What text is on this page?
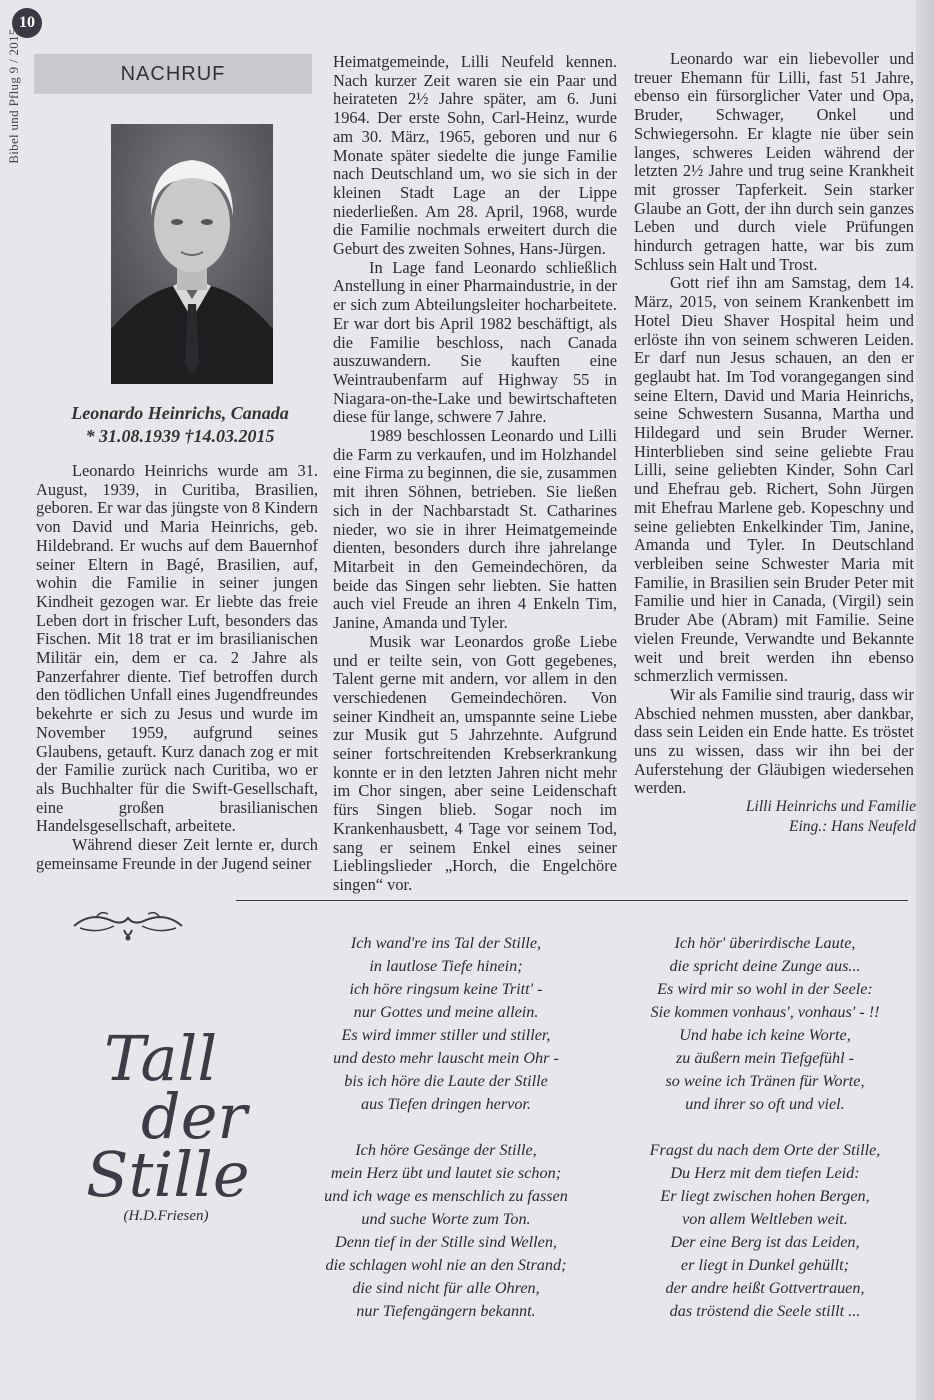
10
Bibel und Pflug 9 / 2015	NACHRUF
Leonardo Heinrichs, Canada
* 31.08.1939 †14.03.2015

Leonardo Heinrichs wurde am 31. August, 1939, in Curitiba, Brasilien, geboren. Er war das jüngste von 8 Kindern von David und Maria Heinrichs, geb. Hildebrand. Er wuchs auf dem Bauernhof seiner Eltern in Bagé, Brasilien, auf, wohin die Familie in seiner jungen Kindheit gezogen war. Er liebte das freie Leben dort in frischer Luft, besonders das Fischen. Mit 18 trat er im brasilianischen Militär ein, dem er ca. 2 Jahre als Panzerfahrer diente. Tief betroffen durch den tödlichen Unfall eines Jugendfreundes bekehrte er sich zu Jesus und wurde im November 1959, aufgrund seines Glaubens, getauft. Kurz danach zog er mit der Familie zurück nach Curitiba, wo er als Buchhalter für die Swift-Gesellschaft, eine großen brasilianischen Handelsgesellschaft, arbeitete.

Während dieser Zeit lernte er, durch gemeinsame Freunde in der Jugend seiner

Heimatgemeinde, Lilli Neufeld kennen. Nach kurzer Zeit waren sie ein Paar und heirateten 2½ Jahre später, am 6. Juni 1964. Der erste Sohn, Carl-Heinz, wurde am 30. März, 1965, geboren und nur 6 Monate später siedelte die junge Familie nach Deutschland um, wo sie sich in der kleinen Stadt Lage an der Lippe niederließen. Am 28. April, 1968, wurde die Familie nochmals erweitert durch die Geburt des zweiten Sohnes, Hans-Jürgen.

In Lage fand Leonardo schließlich Anstellung in einer Pharmaindustrie, in der er sich zum Abteilungsleiter hocharbeitete. Er war dort bis April 1982 beschäftigt, als die Familie beschloss, nach Canada auszuwandern. Sie kauften eine Weintraubenfarm auf Highway 55 in Niagara-on-the-Lake und bewirtschafteten diese für lange, schwere 7 Jahre.

1989 beschlossen Leonardo und Lilli die Farm zu verkaufen, und im Holzhandel eine Firma zu beginnen, die sie, zusammen mit ihren Söhnen, betrieben. Sie ließen sich in der Nachbarstadt St. Catharines nieder, wo sie in ihrer Heimatgemeinde dienten, besonders durch ihre jahrelange Mitarbeit in den Gemeindechören, da beide das Singen sehr liebten. Sie hatten auch viel Freude an ihren 4 Enkeln Tim, Janine, Amanda und Tyler.

Musik war Leonardos große Liebe und er teilte sein, von Gott gegebenes, Talent gerne mit andern, vor allem in den verschiedenen Gemeindechören. Von seiner Kindheit an, umspannte seine Liebe zur Musik gut 5 Jahrzehnte. Aufgrund seiner fortschreitenden Krebserkrankung konnte er in den letzten Jahren nicht mehr im Chor singen, aber seine Leidenschaft fürs Singen blieb. Sogar noch im Krankenhausbett, 4 Tage vor seinem Tod, sang er seinem Enkel eines seiner Lieblingslieder „Horch, die Engelchöre singen“ vor.

Leonardo war ein liebevoller und treuer Ehemann für Lilli, fast 51 Jahre, ebenso ein fürsorglicher Vater und Opa, Bruder, Schwager, Onkel und Schwiegersohn. Er klagte nie über sein langes, schweres Leiden während der letzten 2½ Jahre und trug seine Krankheit mit grosser Tapferkeit. Sein starker Glaube an Gott, der ihn durch sein ganzes Leben und durch viele Prüfungen hindurch getragen hatte, war bis zum Schluss sein Halt und Trost.

Gott rief ihn am Samstag, dem 14. März, 2015, von seinem Krankenbett im Hotel Dieu Shaver Hospital heim und erlöste ihn von seinem schweren Leiden. Er darf nun Jesus schauen, an den er geglaubt hat. Im Tod vorangegangen sind seine Eltern, David und Maria Heinrichs, seine Schwestern Susanna, Martha und Hildegard und sein Bruder Werner. Hinterblieben sind seine geliebte Frau Lilli, seine geliebten Kinder, Sohn Carl und Ehefrau geb. Richert, Sohn Jürgen mit Ehefrau Marlene geb. Kopeschny und seine geliebten Enkelkinder Tim, Janine, Amanda und Tyler. In Deutschland verbleiben seine Schwester Maria mit Familie, in Brasilien sein Bruder Peter mit Familie und hier in Canada, (Virgil) sein Bruder Abe (Abram) mit Familie. Seine vielen Freunde, Verwandte und Bekannte weit und breit werden ihn ebenso schmerzlich vermissen.

Wir als Familie sind traurig, dass wir Abschied nehmen mussten, aber dankbar, dass sein Leiden ein Ende hatte. Es tröstet uns zu wissen, dass wir ihn bei der Auferstehung der Gläubigen wiedersehen werden.

Lilli Heinrichs und Familie
Eing.: Hans Neufeld
Tall
der
Stille
(H.D.Friesen)
Ich wand're ins Tal der Stille,
in lautlose Tiefe hinein;
ich höre ringsum keine Tritt' -
nur Gottes und meine allein.
Es wird immer stiller und stiller,
und desto mehr lauscht mein Ohr -
bis ich höre die Laute der Stille
aus Tiefen dringen hervor.
Ich höre Gesänge der Stille,
mein Herz übt und lautet sie schon;
und ich wage es menschlich zu fassen
und suche Worte zum Ton.
Denn tief in der Stille sind Wellen,
die schlagen wohl nie an den Strand;
die sind nicht für alle Ohren,
nur Tiefengängern bekannt.
Ich hör' überirdische Laute,
die spricht deine Zunge aus...
Es wird mir so wohl in der Seele:
Sie kommen vonhaus', vonhaus' - !!
Und habe ich keine Worte,
zu äußern mein Tiefgefühl -
so weine ich Tränen für Worte,
und ihrer so oft und viel.
Fragst du nach dem Orte der Stille,
Du Herz mit dem tiefen Leid:
Er liegt zwischen hohen Bergen,
von allem Weltleben weit.
Der eine Berg ist das Leiden,
er liegt in Dunkel gehüllt;
der andre heißt Gottvertrauen,
das tröstend die Seele stillt ...
